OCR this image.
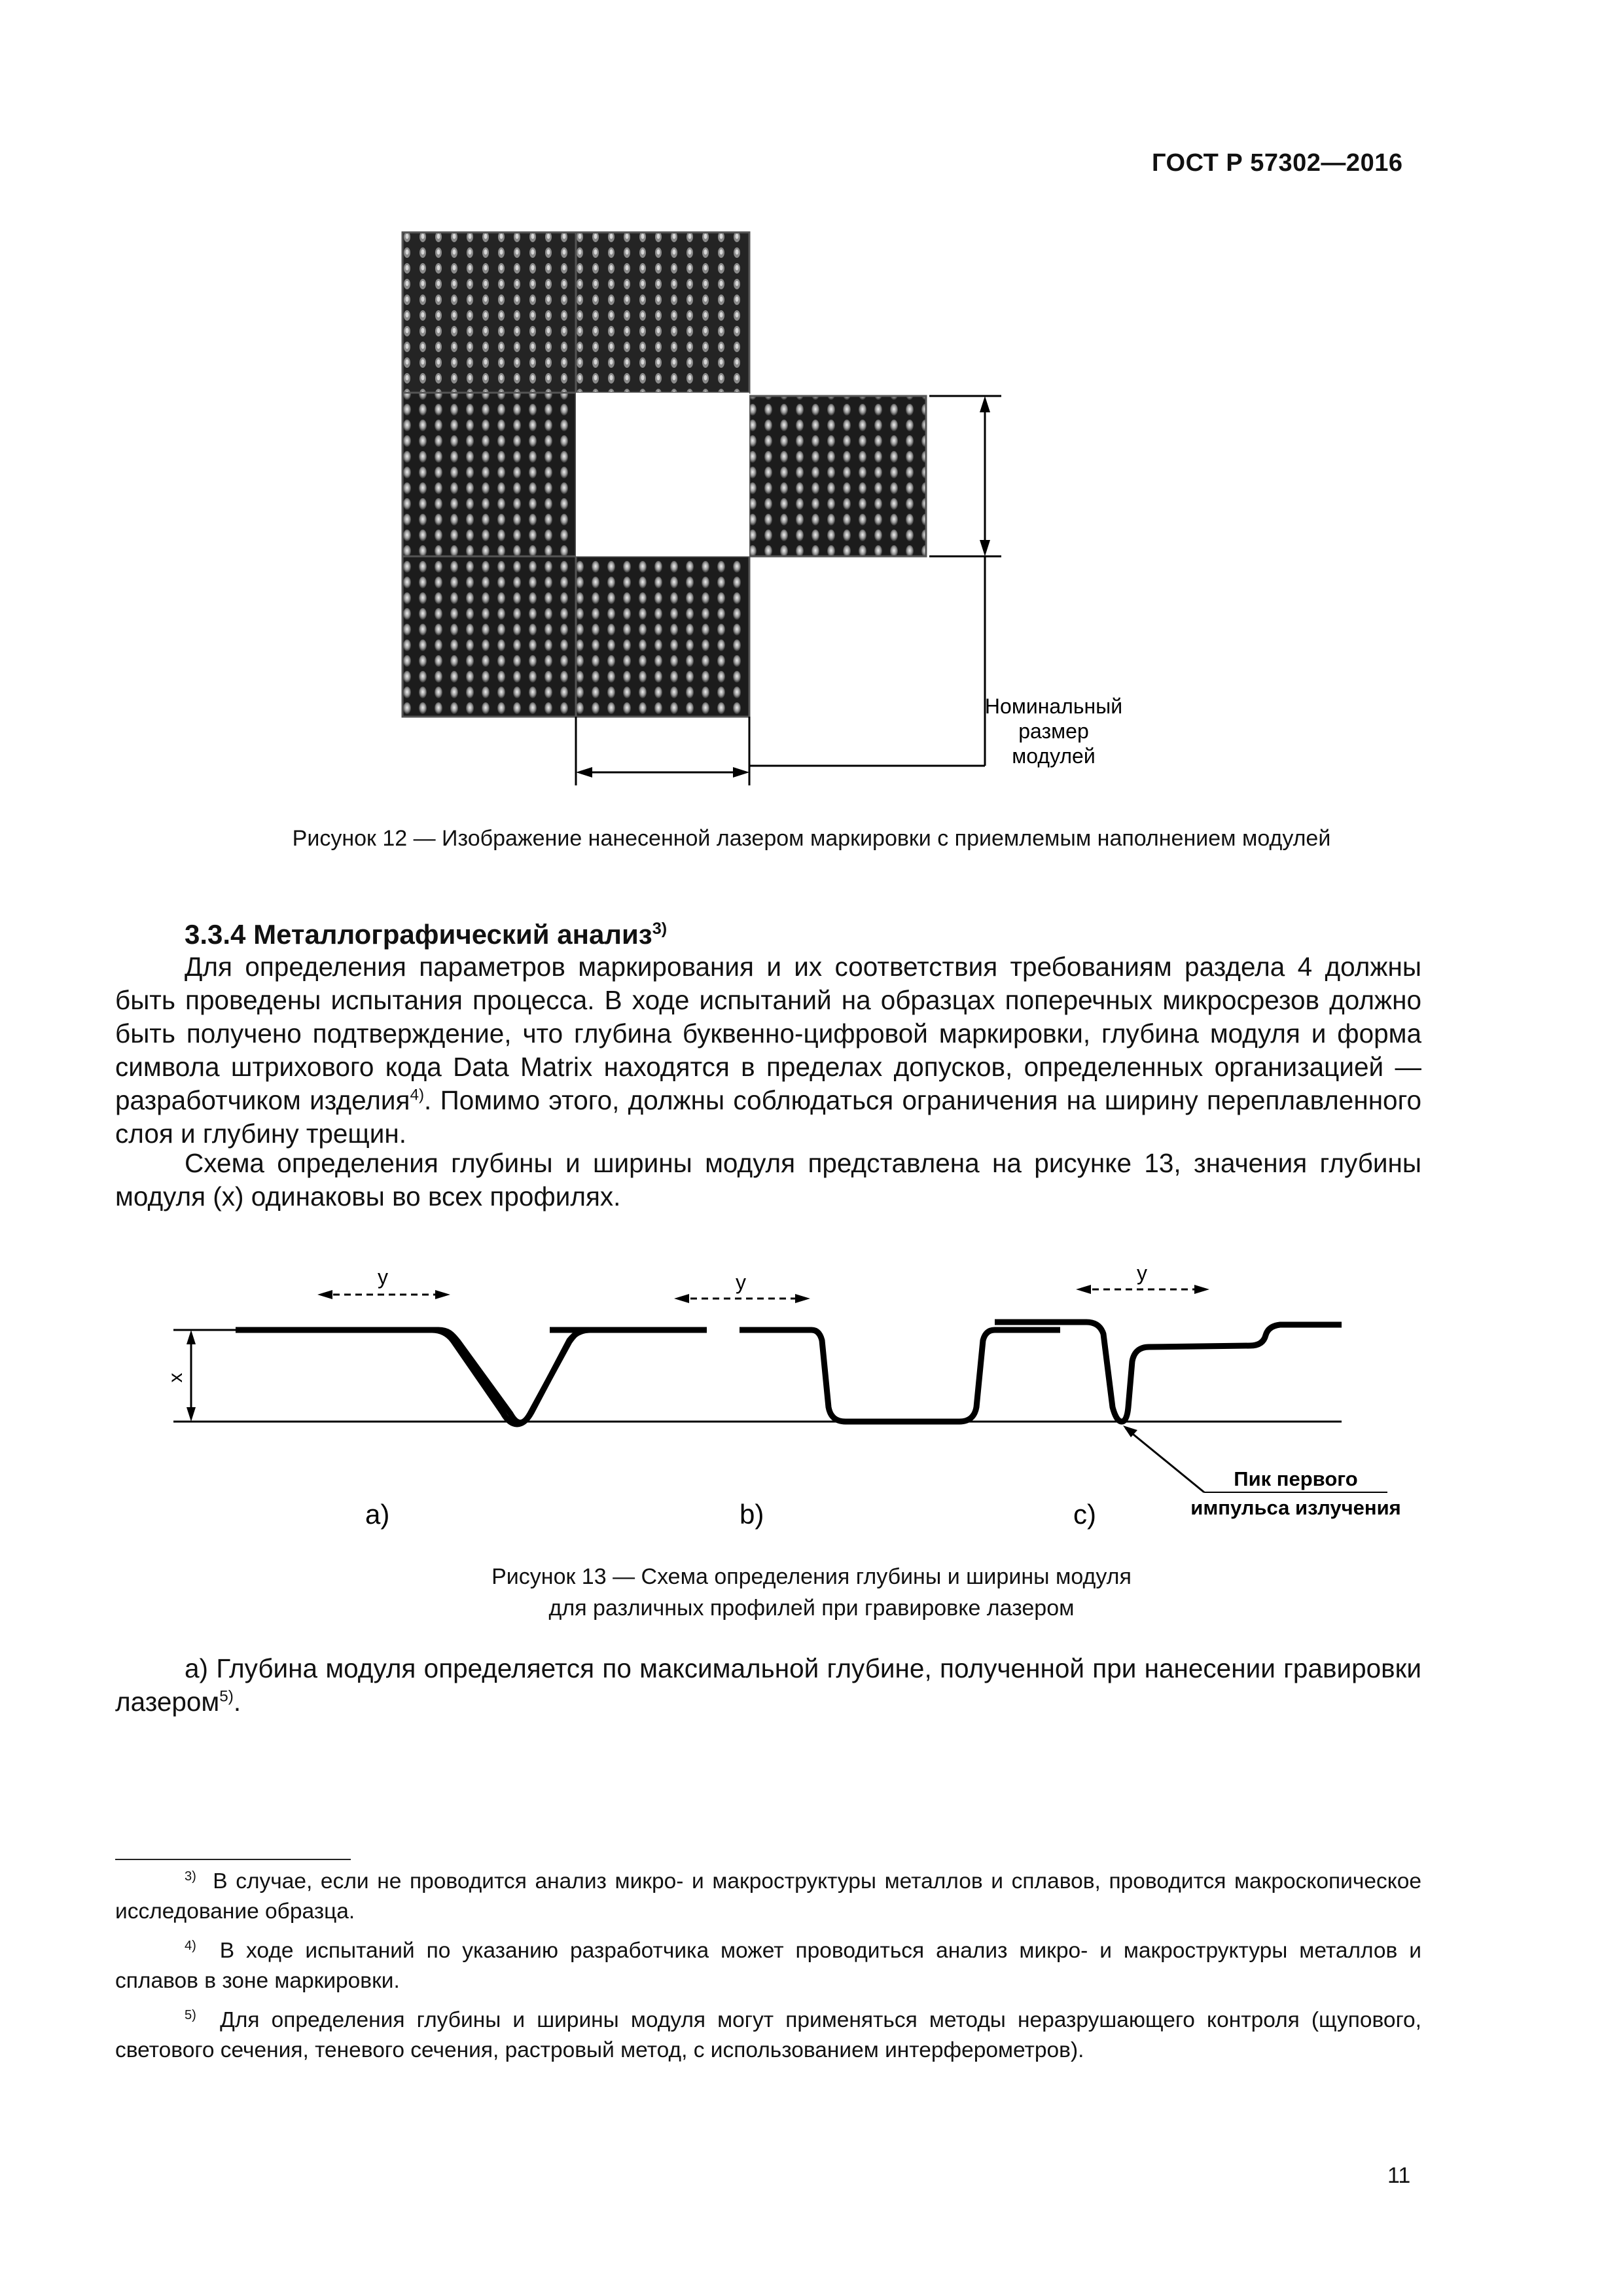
ГОСТ Р 57302—2016
Номинальный
размер
модулей
Рисунок 12 — Изображение нанесенной лазером маркировки с приемлемым наполнением модулей
3.3.4 Металлографический анализ$^{3)}$

Для определения параметров маркирования и их соответствия требованиям раздела 4 должны быть проведены испытания процесса. В ходе испытаний на образцах поперечных микросрезов должно быть получено подтверждение, что глубина буквенно-цифровой маркировки, глубина модуля и форма символа штрихового кода Data Matrix находятся в пределах допусков, определенных организацией — разработчиком изделия$^{4)}$. Помимо этого, должны соблюдаться ограничения на ширину переплавленного слоя и глубину трещин.

Схема определения глубины и ширины модуля представлена на рисунке 13, значения глубины модуля (x) одинаковы во всех профилях.

x
y	y	y
Пик первого
импульса излучения
a)	b)	c)
Рисунок 13 — Схема определения глубины и ширины модуля
для различных профилей при гравировке лазером

а) Глубина модуля определяется по максимальной глубине, полученной при нанесении гравировки лазером$^{5)}$.

$^{3)}$ В случае, если не проводится анализ микро- и макроструктуры металлов и сплавов, проводится макроскопическое исследование образца.

$^{4)}$ В ходе испытаний по указанию разработчика может проводиться анализ микро- и макроструктуры металлов и сплавов в зоне маркировки.

$^{5)}$ Для определения глубины и ширины модуля могут применяться методы неразрушающего контроля (щупового, светового сечения, теневого сечения, растровый метод, с использованием интерферометров).

11
